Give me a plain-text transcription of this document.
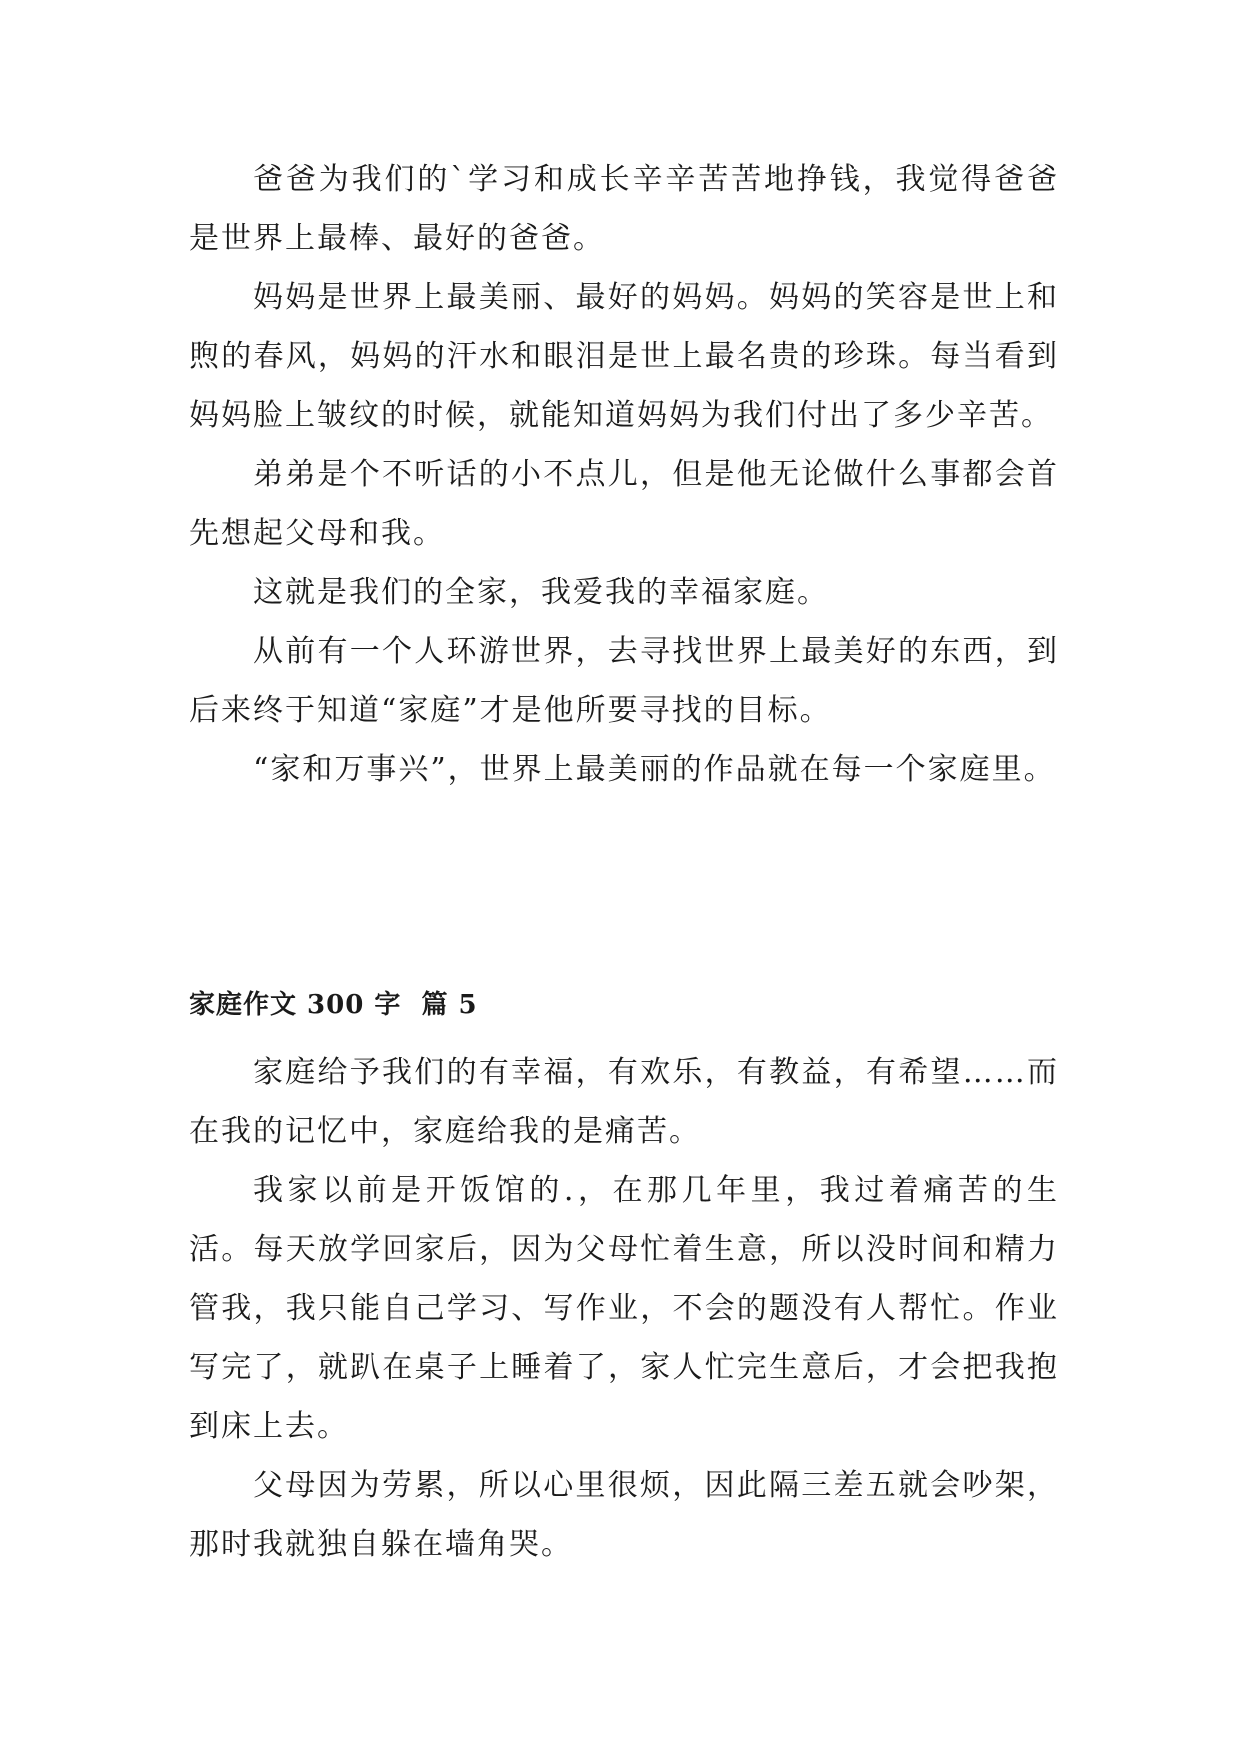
爸爸为我们的`学习和成长辛辛苦苦地挣钱，我觉得爸爸是世界上最棒、最好的爸爸。

妈妈是世界上最美丽、最好的妈妈。妈妈的笑容是世上和煦的春风，妈妈的汗水和眼泪是世上最名贵的珍珠。每当看到妈妈脸上皱纹的时候，就能知道妈妈为我们付出了多少辛苦。

弟弟是个不听话的小不点儿，但是他无论做什么事都会首先想起父母和我。

这就是我们的全家，我爱我的幸福家庭。

从前有一个人环游世界，去寻找世界上最美好的东西，到后来终于知道“家庭”才是他所要寻找的目标。

“家和万事兴”，世界上最美丽的作品就在每一个家庭里。

家庭作文 300 字  篇 5

家庭给予我们的有幸福，有欢乐，有教益，有希望……而在我的记忆中，家庭给我的是痛苦。

我家以前是开饭馆的.，在那几年里，我过着痛苦的生活。每天放学回家后，因为父母忙着生意，所以没时间和精力管我，我只能自己学习、写作业，不会的题没有人帮忙。作业写完了，就趴在桌子上睡着了，家人忙完生意后，才会把我抱到床上去。

父母因为劳累，所以心里很烦，因此隔三差五就会吵架，那时我就独自躲在墙角哭。
